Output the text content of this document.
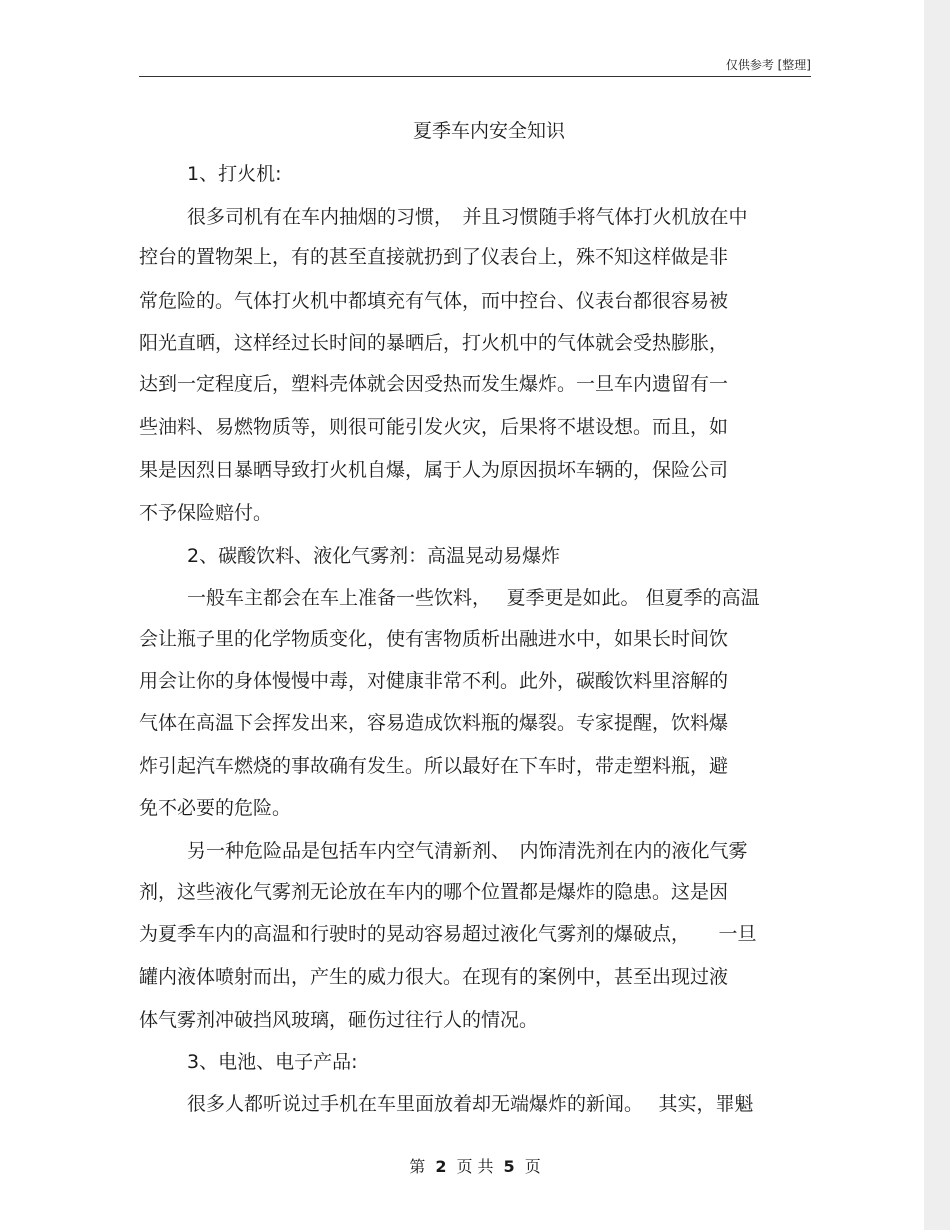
仅供参考 [整理]
夏季车内安全知识
1、打火机:
很多司机有在车内抽烟的习惯，　并且习惯随手将气体打火机放在中
控台的置物架上，有的甚至直接就扔到了仪表台上，殊不知这样做是非
常危险的。气体打火机中都填充有气体，而中控台、仪表台都很容易被
阳光直晒，这样经过长时间的暴晒后，打火机中的气体就会受热膨胀，
达到一定程度后，塑料壳体就会因受热而发生爆炸。一旦车内遗留有一
些油料、易燃物质等，则很可能引发火灾，后果将不堪设想。而且，如
果是因烈日暴晒导致打火机自爆，属于人为原因损坏车辆的，保险公司
不予保险赔付。
2、碳酸饮料、液化气雾剂：高温晃动易爆炸
一般车主都会在车上准备一些饮料，　 夏季更是如此。 但夏季的高温
会让瓶子里的化学物质变化，使有害物质析出融进水中，如果长时间饮
用会让你的身体慢慢中毒，对健康非常不利。此外，碳酸饮料里溶解的
气体在高温下会挥发出来，容易造成饮料瓶的爆裂。专家提醒，饮料爆
炸引起汽车燃烧的事故确有发生。所以最好在下车时，带走塑料瓶，避
免不必要的危险。
另一种危险品是包括车内空气清新剂、　内饰清洗剂在内的液化气雾
剂，这些液化气雾剂无论放在车内的哪个位置都是爆炸的隐患。这是因
为夏季车内的高温和行驶时的晃动容易超过液化气雾剂的爆破点，　　一旦
罐内液体喷射而出，产生的威力很大。在现有的案例中，甚至出现过液
体气雾剂冲破挡风玻璃，砸伤过往行人的情况。
3、电池、电子产品:
很多人都听说过手机在车里面放着却无端爆炸的新闻。　 其实，罪魁
第 2 页 共 5 页
